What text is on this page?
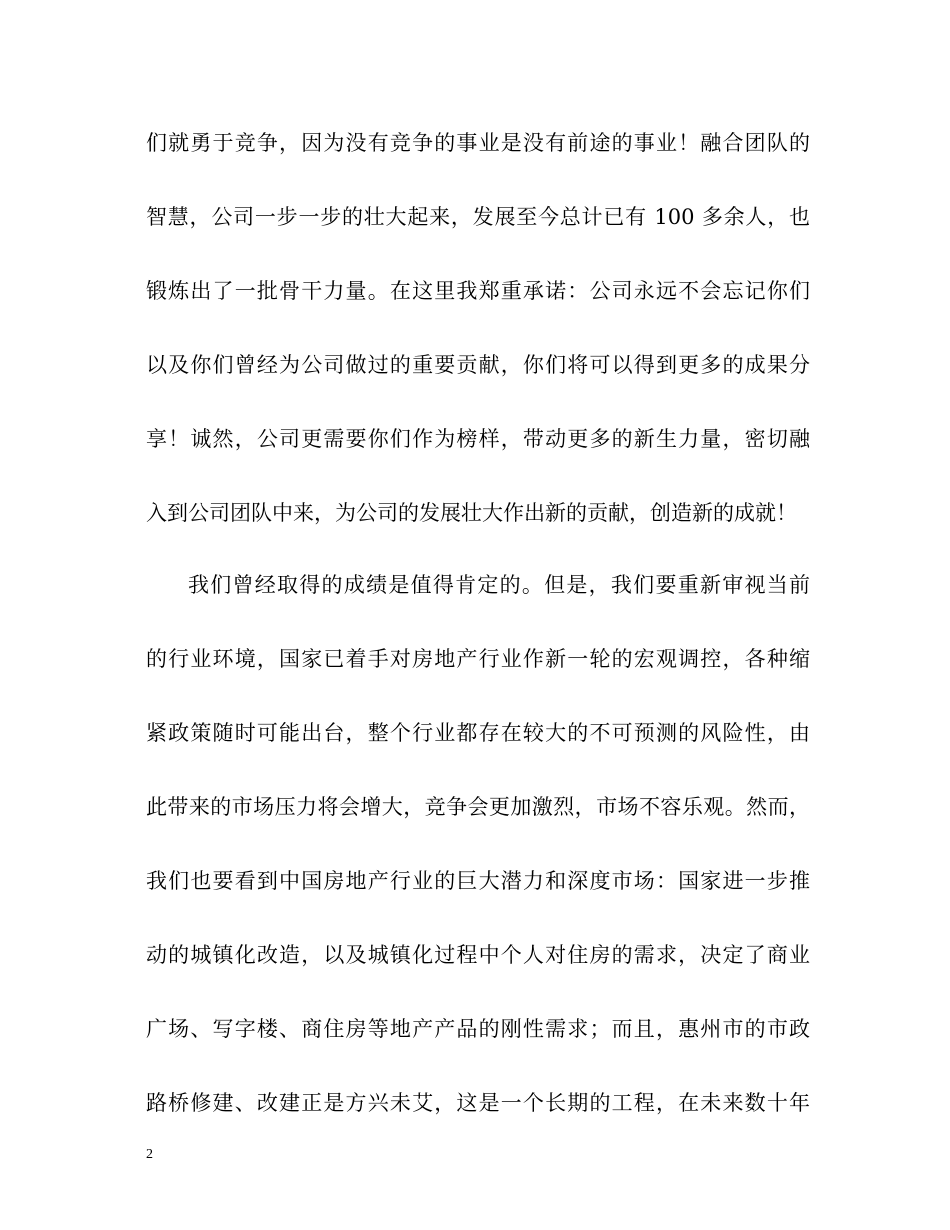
们就勇于竞争，因为没有竞争的事业是没有前途的事业！融合团队的
智慧，公司一步一步的壮大起来，发展至今总计已有 100 多余人，也
锻炼出了一批骨干力量。在这里我郑重承诺：公司永远不会忘记你们
以及你们曾经为公司做过的重要贡献，你们将可以得到更多的成果分
享！诚然，公司更需要你们作为榜样，带动更多的新生力量，密切融
入到公司团队中来，为公司的发展壮大作出新的贡献，创造新的成就！
我们曾经取得的成绩是值得肯定的。但是，我们要重新审视当前
的行业环境，国家已着手对房地产行业作新一轮的宏观调控，各种缩
紧政策随时可能出台，整个行业都存在较大的不可预测的风险性，由
此带来的市场压力将会增大，竞争会更加激烈，市场不容乐观。然而，
我们也要看到中国房地产行业的巨大潜力和深度市场：国家进一步推
动的城镇化改造，以及城镇化过程中个人对住房的需求，决定了商业
广场、写字楼、商住房等地产产品的刚性需求；而且，惠州市的市政
路桥修建、改建正是方兴未艾，这是一个长期的工程，在未来数十年
2
